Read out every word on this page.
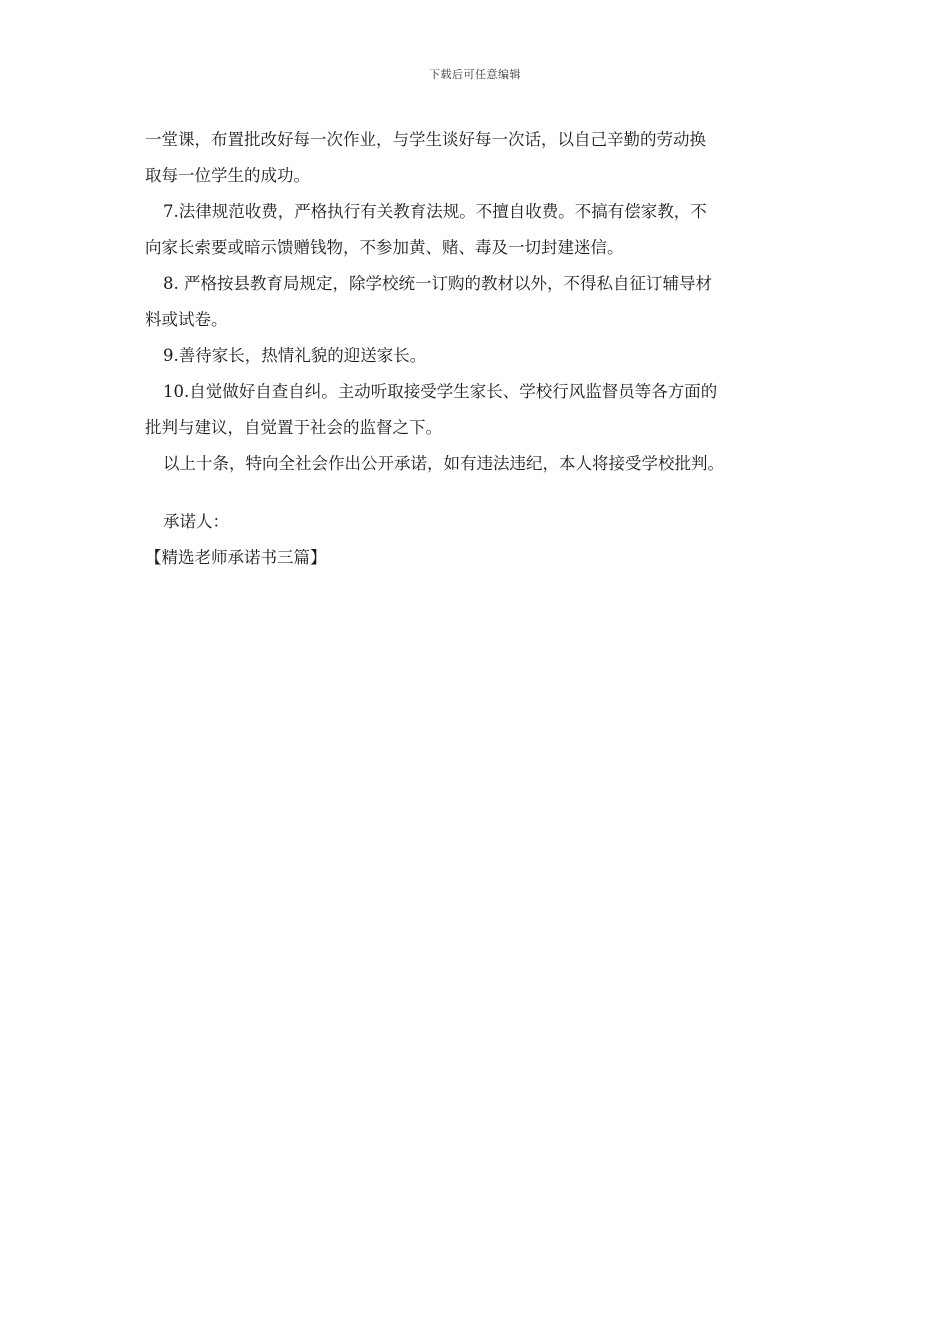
下载后可任意编辑
一堂课，布置批改好每一次作业，与学生谈好每一次话，以自己辛勤的劳动换
取每一位学生的成功。
7.法律规范收费，严格执行有关教育法规。不擅自收费。不搞有偿家教，不
向家长索要或暗示馈赠钱物，不参加黄、赌、毒及一切封建迷信。
8. 严格按县教育局规定，除学校统一订购的教材以外，不得私自征订辅导材
料或试卷。
9.善待家长，热情礼貌的迎送家长。
10.自觉做好自查自纠。主动听取接受学生家长、学校行风监督员等各方面的
批判与建议，自觉置于社会的监督之下。
以上十条，特向全社会作出公开承诺，如有违法违纪，本人将接受学校批判。
承诺人：
【精选老师承诺书三篇】
